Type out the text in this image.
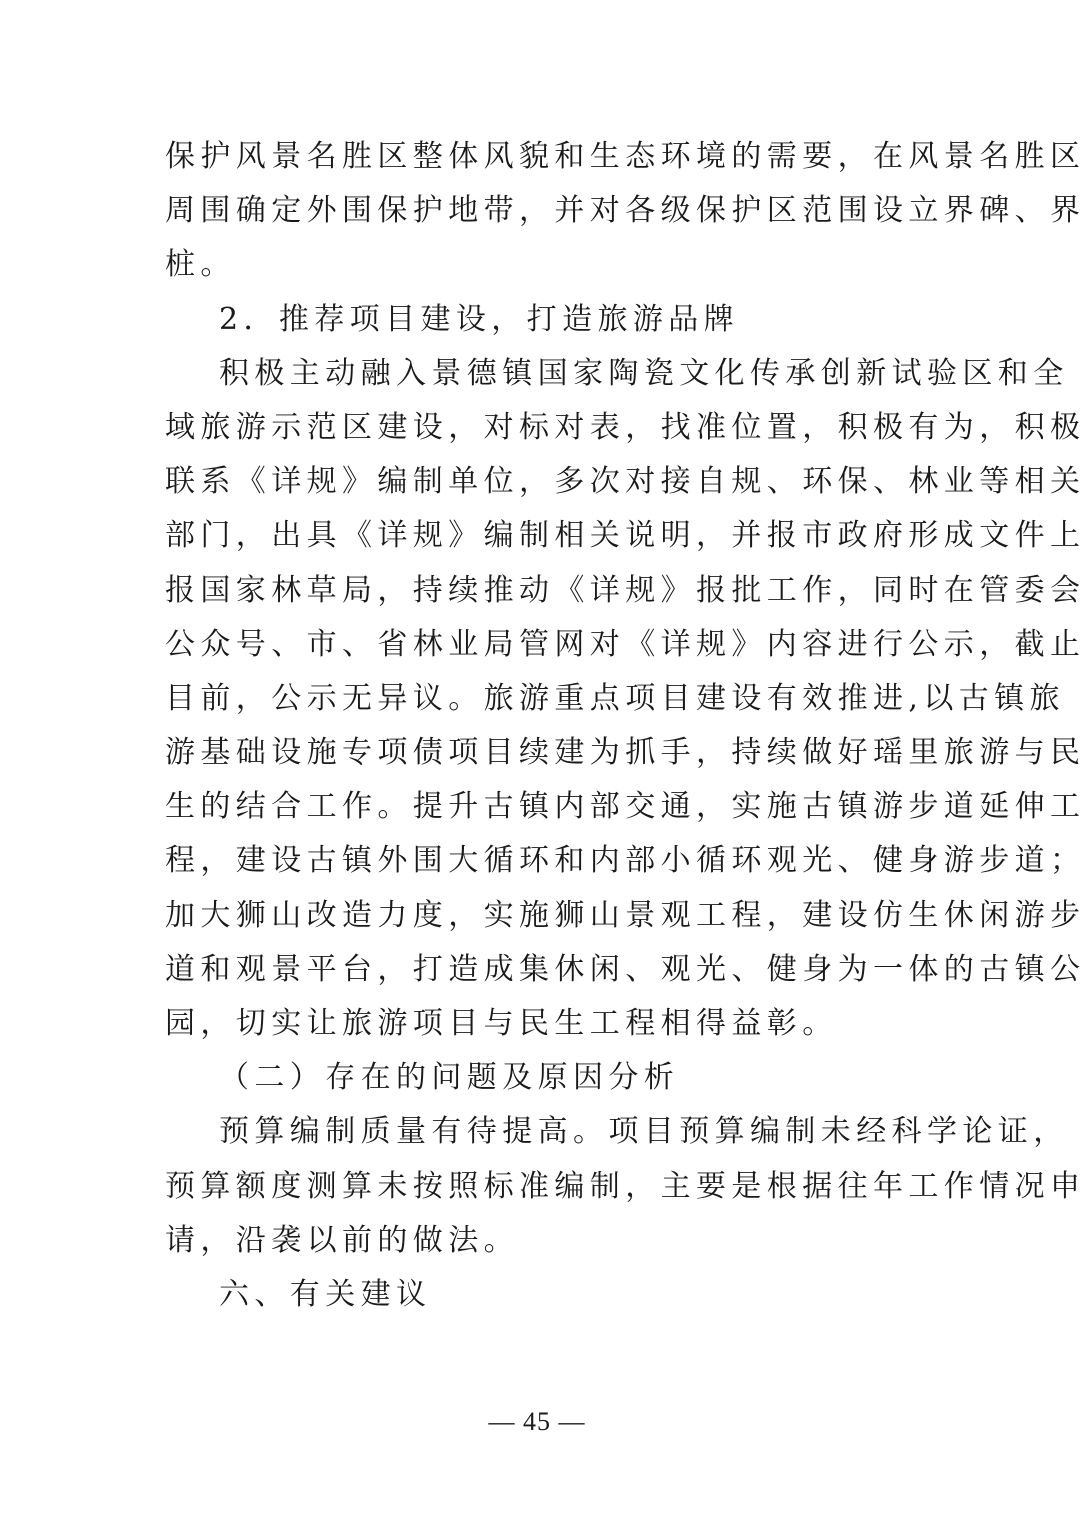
保护风景名胜区整体风貌和生态环境的需要，在风景名胜区
周围确定外围保护地带，并对各级保护区范围设立界碑、界
桩。
2．推荐项目建设，打造旅游品牌
积极主动融入景德镇国家陶瓷文化传承创新试验区和全
域旅游示范区建设，对标对表，找准位置，积极有为，积极
联系《详规》编制单位，多次对接自规、环保、林业等相关
部门，出具《详规》编制相关说明，并报市政府形成文件上
报国家林草局，持续推动《详规》报批工作，同时在管委会
公众号、市、省林业局管网对《详规》内容进行公示，截止
目前，公示无异议。旅游重点项目建设有效推进,以古镇旅
游基础设施专项债项目续建为抓手，持续做好瑶里旅游与民
生的结合工作。提升古镇内部交通，实施古镇游步道延伸工
程，建设古镇外围大循环和内部小循环观光、健身游步道；
加大狮山改造力度，实施狮山景观工程，建设仿生休闲游步
道和观景平台，打造成集休闲、观光、健身为一体的古镇公
园，切实让旅游项目与民生工程相得益彰。
（二）存在的问题及原因分析
预算编制质量有待提高。项目预算编制未经科学论证，
预算额度测算未按照标准编制，主要是根据往年工作情况申
请，沿袭以前的做法。
六、有关建议
— 45 —
